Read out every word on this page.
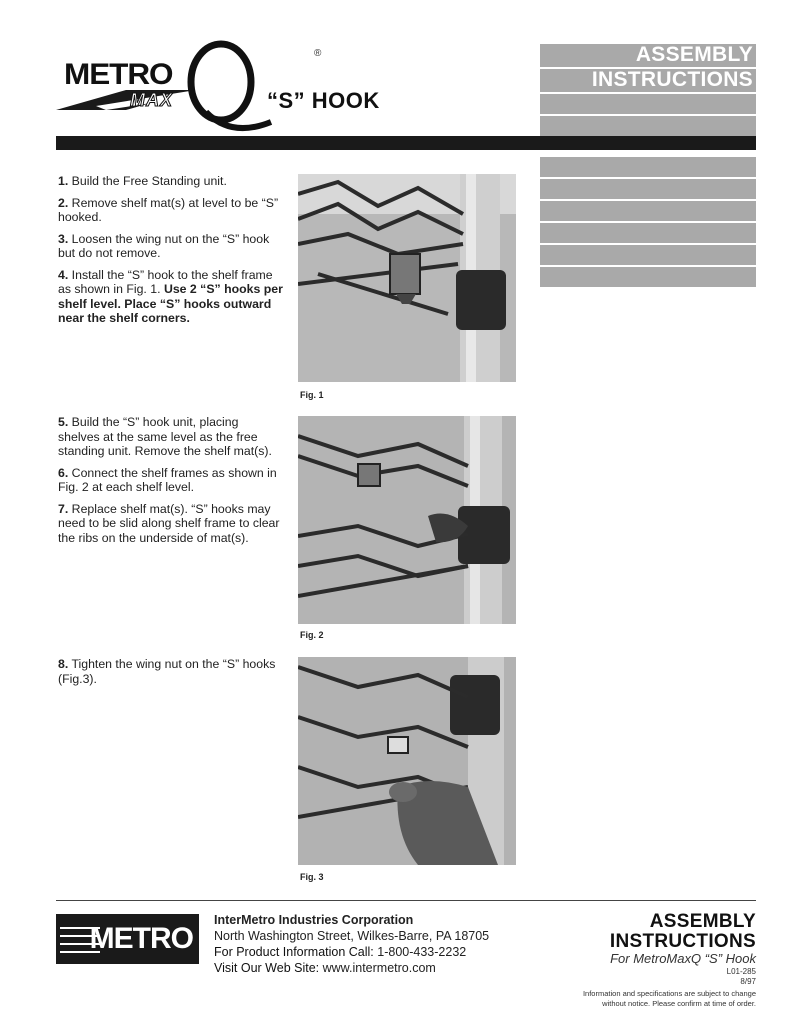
METRO
MAX
®
“S” HOOK
ASSEMBLY
INSTRUCTIONS

1. Build the Free Standing unit.

2. Remove shelf mat(s) at level to be “S” hooked.

3. Loosen the wing nut on the “S” hook but do not remove.

4. Install the “S” hook to the shelf frame as shown in Fig. 1. Use 2 “S” hooks per shelf level. Place “S” hooks outward near the shelf corners.

5. Build the “S” hook unit, placing shelves at the same level as the free standing unit. Remove the shelf mat(s).

6. Connect the shelf frames as shown in Fig. 2 at each shelf level.

7. Replace shelf mat(s). “S” hooks may need to be slid along shelf frame to clear the ribs on the underside of mat(s).

8. Tighten the wing nut on the “S” hooks (Fig.3).

Fig. 1
Fig. 2
Fig. 3
METRO
InterMetro Industries Corporation
North Washington Street, Wilkes-Barre, PA 18705
For Product Information Call: 1-800-433-2232
Visit Our Web Site: www.intermetro.com
ASSEMBLY
INSTRUCTIONS
For MetroMaxQ “S” Hook
L01-285
8/97
Information and specifications are subject to change
without notice. Please confirm at time of order.
